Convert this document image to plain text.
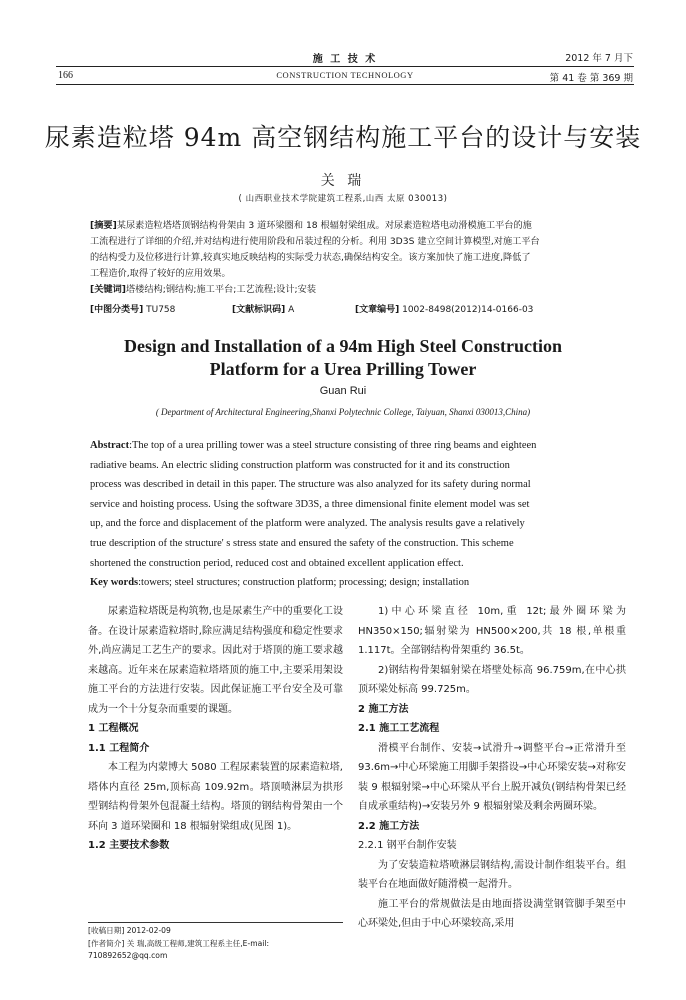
施 工 技 术
CONSTRUCTION TECHNOLOGY
166
2012 年 7 月下
第 41 卷 第 369 期
尿素造粒塔 94m 高空钢结构施工平台的设计与安装
关 瑞
( 山西职业技术学院建筑工程系,山西 太原 030013)
[摘要]某尿素造粒塔塔顶钢结构骨架由 3 道环梁圈和 18 根辐射梁组成。对尿素造粒塔电动滑模施工平台的施
工流程进行了详细的介绍,并对结构进行使用阶段和吊装过程的分析。利用 3D3S 建立空间计算模型,对施工平台
的结构受力及位移进行计算,较真实地反映结构的实际受力状态,确保结构安全。该方案加快了施工进度,降低了
工程造价,取得了较好的应用效果。
[关键词]塔楼结构;钢结构;施工平台;工艺流程;设计;安装
[中图分类号] TU758	[文献标识码] A	[文章编号] 1002-8498(2012)14-0166-03
Design and Installation of a 94m High Steel Construction
Platform for a Urea Prilling Tower
Guan Rui
( Department of Architectural Engineering,Shanxi Polytechnic College, Taiyuan, Shanxi 030013,China)
Abstract:The top of a urea prilling tower was a steel structure consisting of three ring beams and eighteen
radiative beams. An electric sliding construction platform was constructed for it and its construction
process was described in detail in this paper. The structure was also analyzed for its safety during normal
service and hoisting process. Using the software 3D3S, a three dimensional finite element model was set
up, and the force and displacement of the platform were analyzed. The analysis results gave a relatively
true description of the structure' s stress state and ensured the safety of the construction. This scheme
shortened the construction period, reduced cost and obtained excellent application effect.
Key words:towers; steel structures; construction platform; processing; design; installation

尿素造粒塔既是构筑物,也是尿素生产中的重要化工设备。在设计尿素造粒塔时,除应满足结构强度和稳定性要求外,尚应满足工艺生产的要求。因此对于塔顶的施工要求越来越高。近年来在尿素造粒塔塔顶的施工中,主要采用架设施工平台的方法进行安装。因此保证施工平台安全及可靠成为一个十分复杂而重要的课题。

1 工程概况

1.1 工程简介

本工程为内蒙博大 5080 工程尿素装置的尿素造粒塔,塔体内直径 25m,顶标高 109.92m。塔顶喷淋层为拱形型钢结构骨架外包混凝土结构。塔顶的钢结构骨架由一个环向 3 道环梁圈和 18 根辐射梁组成(见图 1)。

1.2 主要技术参数

[收稿日期] 2012-02-09
[作者简介] 关 瑞,高级工程师,建筑工程系主任,E-mail:
710892652@qq.com

1)中心环梁直径 10m,重 12t;最外圈环梁为 HN350×150;辐射梁为 HN500×200,共 18 根,单根重 1.117t。全部钢结构骨架重约 36.5t。

2)钢结构骨架辐射梁在塔壁处标高 96.759m,在中心拱顶环梁处标高 99.725m。

2 施工方法

2.1 施工工艺流程

滑模平台制作、安装→试滑升→调整平台→正常滑升至 93.6m→中心环梁施工用脚手架搭设→中心环梁安装→对称安装 9 根辐射梁→中心环梁从平台上脱开减负(钢结构骨架已经自成承重结构)→安装另外 9 根辐射梁及剩余两圈环梁。

2.2 施工方法

2.2.1 钢平台制作安装

为了安装造粒塔喷淋层钢结构,需设计制作组装平台。组装平台在地面做好随滑模一起滑升。

施工平台的常规做法是由地面搭设满堂钢管脚手架至中心环梁处,但由于中心环梁较高,采用
